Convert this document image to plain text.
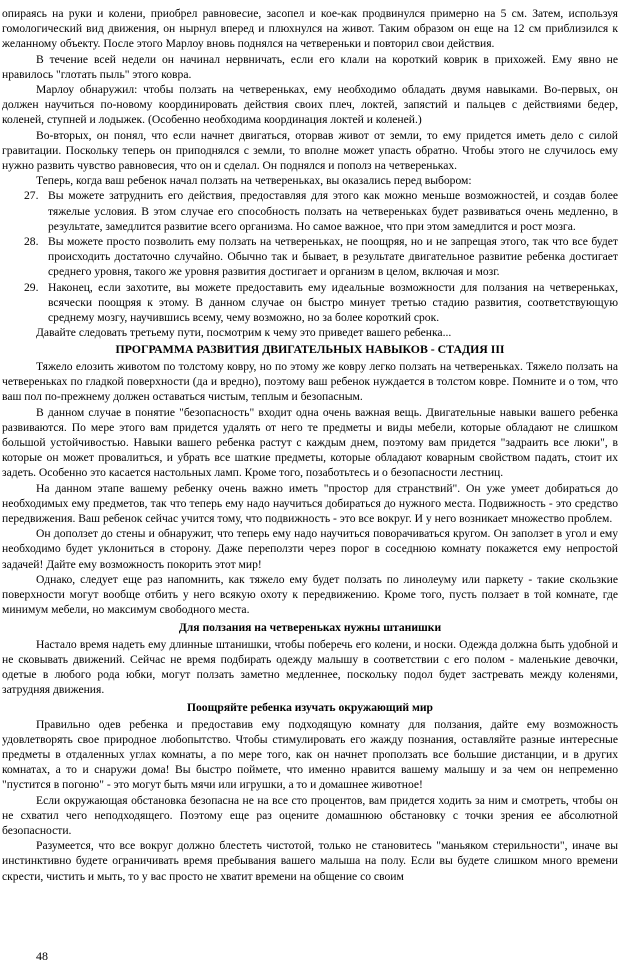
опираясь на руки и колени, приобрел равновесие, засопел и кое-как продвинулся примерно на 5 см. Затем, используя гомологический вид движения, он нырнул вперед и плюхнулся на живот. Таким образом он еще на 12 см приблизился к желанному объекту. После этого Марлоу вновь поднялся на четвереньки и повторил свои действия.

В течение всей недели он начинал нервничать, если его клали на короткий коврик в прихожей. Ему явно не нравилось "глотать пыль" этого ковра.

Марлоу обнаружил: чтобы ползать на четвереньках, ему необходимо обладать двумя навыками. Во-первых, он должен научиться по-новому координировать действия своих плеч, локтей, запястий и пальцев с действиями бедер, коленей, ступней и лодыжек. (Особенно необходима координация локтей и коленей.)

Во-вторых, он понял, что если начнет двигаться, оторвав живот от земли, то ему придется иметь дело с силой гравитации. Поскольку теперь он приподнялся с земли, то вполне может упасть обратно. Чтобы этого не случилось ему нужно развить чувство равновесия, что он и сделал. Он поднялся и пополз на четвереньках.

Теперь, когда ваш ребенок начал ползать на четвереньках, вы оказались перед выбором:

27. Вы можете затруднить его действия, предоставляя для этого как можно меньше возможностей, и создав более тяжелые условия. В этом случае его способность ползать на четвереньках будет развиваться очень медленно, в результате, замедлится развитие всего организма. Но самое важное, что при этом замедлится и рост мозга.
28. Вы можете просто позволить ему ползать на четвереньках, не поощряя, но и не запрещая этого, так что все будет происходить достаточно случайно. Обычно так и бывает, в результате двигательное развитие ребенка достигает среднего уровня, такого же уровня развития достигает и организм в целом, включая и мозг.
29. Наконец, если захотите, вы можете предоставить ему идеальные возможности для ползания на четвереньках, всячески поощряя к этому. В данном случае он быстро минует третью стадию развития, соответствующую среднему мозгу, научившись всему, чему возможно, но за более короткий срок.

Давайте следовать третьему пути, посмотрим к чему это приведет вашего ребенка...

ПРОГРАММА РАЗВИТИЯ ДВИГАТЕЛЬНЫХ НАВЫКОВ - СТАДИЯ III

Тяжело елозить животом по толстому ковру, но по этому же ковру легко ползать на четвереньках. Тяжело ползать на четвереньках по гладкой поверхности (да и вредно), поэтому ваш ребенок нуждается в толстом ковре. Помните и о том, что ваш пол по-прежнему должен оставаться чистым, теплым и безопасным.

В данном случае в понятие "безопасность" входит одна очень важная вещь. Двигательные навыки вашего ребенка развиваются. По мере этого вам придется удалять от него те предметы и виды мебели, которые обладают не слишком большой устойчивостью. Навыки вашего ребенка растут с каждым днем, поэтому вам придется "задраить все люки", в которые он может провалиться, и убрать все шаткие предметы, которые обладают коварным свойством падать, стоит их задеть. Особенно это касается настольных ламп. Кроме того, позаботьтесь и о безопасности лестниц.

На данном этапе вашему ребенку очень важно иметь "простор для странствий". Он уже умеет добираться до необходимых ему предметов, так что теперь ему надо научиться добираться до нужного места. Подвижность - это средство передвижения. Ваш ребенок сейчас учится тому, что подвижность - это все вокруг. И у него возникает множество проблем.

Он доползет до стены и обнаружит, что теперь ему надо научиться поворачиваться кругом. Он заползет в угол и ему необходимо будет уклониться в сторону. Даже переползти через порог в соседнюю комнату покажется ему непростой задачей! Дайте ему возможность покорить этот мир!

Однако, следует еще раз напомнить, как тяжело ему будет ползать по линолеуму или паркету - такие скользкие поверхности могут вообще отбить у него всякую охоту к передвижению. Кроме того, пусть ползает в той комнате, где минимум мебели, но максимум свободного места.

Для ползания на четвереньках нужны штанишки

Настало время надеть ему длинные штанишки, чтобы поберечь его колени, и носки. Одежда должна быть удобной и не сковывать движений. Сейчас не время подбирать одежду малышу в соответствии с его полом - маленькие девочки, одетые в любого рода юбки, могут ползать заметно медленнее, поскольку подол будет застревать между коленями, затрудняя движения.

Поощряйте ребенка изучать окружающий мир

Правильно одев ребенка и предоставив ему подходящую комнату для ползания, дайте ему возможность удовлетворять свое природное любопытство. Чтобы стимулировать его жажду познания, оставляйте разные интересные предметы в отдаленных углах комнаты, а по мере того, как он начнет проползать все большие дистанции, и в других комнатах, а то и снаружи дома! Вы быстро поймете, что именно нравится вашему малышу и за чем он непременно "пустится в погоню" - это могут быть мячи или игрушки, а то и домашнее животное!

Если окружающая обстановка безопасна не на все сто процентов, вам придется ходить за ним и смотреть, чтобы он не схватил чего неподходящего. Поэтому еще раз оцените домашнюю обстановку с точки зрения ее абсолютной безопасности.

Разумеется, что все вокруг должно блестеть чистотой, только не становитесь "маньяком стерильности", иначе вы инстинктивно будете ограничивать время пребывания вашего малыша на полу. Если вы будете слишком много времени скрести, чистить и мыть, то у вас просто не хватит времени на общение со своим

48
